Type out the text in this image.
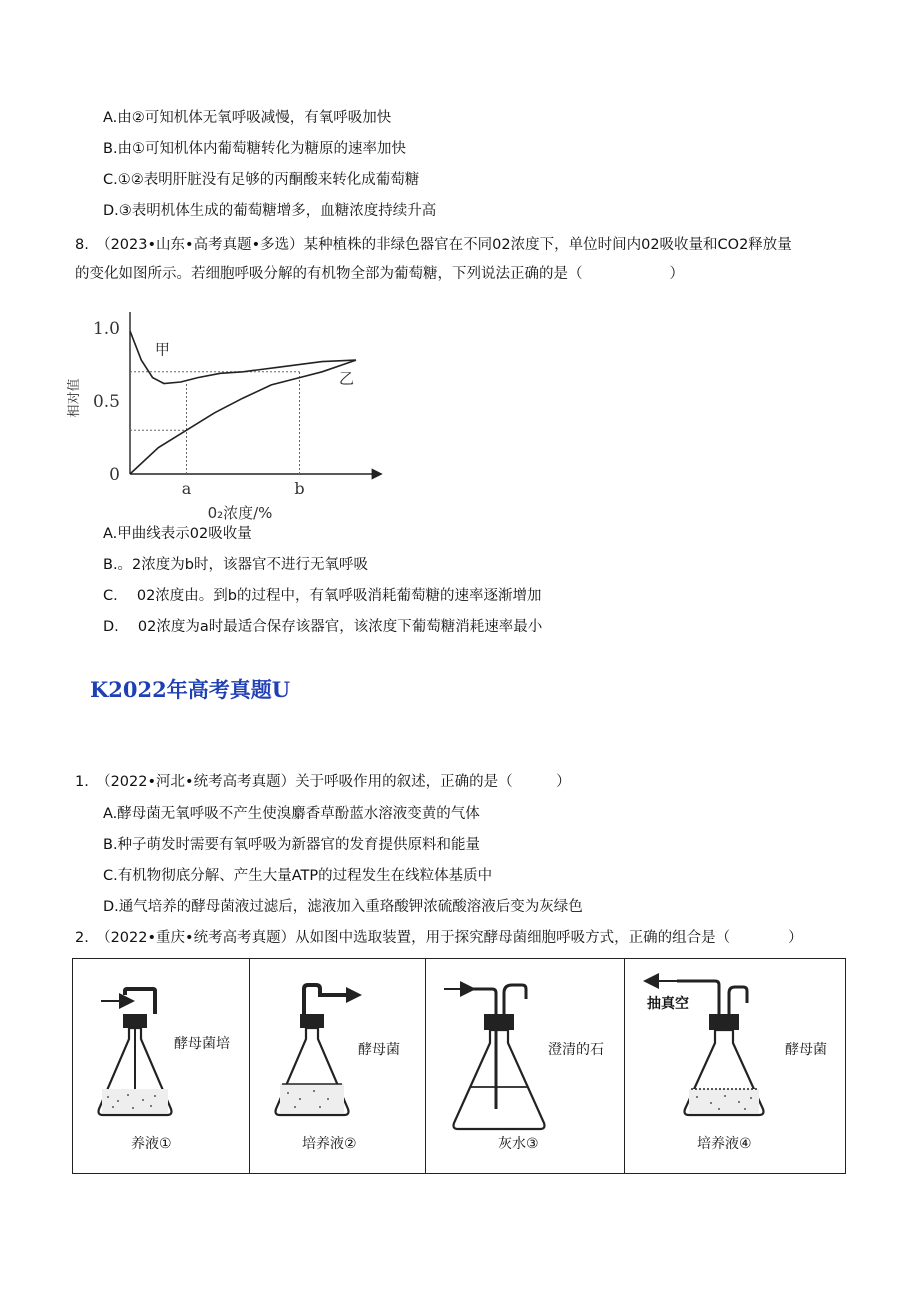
A.由②可知机体无氧呼吸减慢，有氧呼吸加快
B.由①可知机体内葡萄糖转化为糖原的速率加快
C.①②表明肝脏没有足够的丙酮酸来转化成葡萄糖
D.③表明机体生成的葡萄糖增多，血糖浓度持续升高
8.　（2023•山东•高考真题•多选）某种植株的非绿色器官在不同02浓度下，单位时间内02吸收量和CO2释放量
的变化如图所示。若细胞呼吸分解的有机物全部为葡萄糖，下列说法正确的是（　　　　　　）
1.0
0.5
0
相对值
a	b
0₂浓度/%
甲
乙
A.甲曲线表示02吸收量
B.。2浓度为b时，该器官不进行无氧呼吸
C.　 02浓度由。到b的过程中，有氧呼吸消耗葡萄糖的速率逐渐增加
D.　 02浓度为a时最适合保存该器官，该浓度下葡萄糖消耗速率最小
K2022年高考真题U
1.　（2022•河北•统考高考真题）关于呼吸作用的叙述，正确的是（　　　）
A.酵母菌无氧呼吸不产生使溴麝香草酚蓝水溶液变黄的气体
B.种子萌发时需要有氧呼吸为新器官的发育提供原料和能量
C.有机物彻底分解、产生大量ATP的过程发生在线粒体基质中
D.通气培养的酵母菌液过滤后，滤液加入重珞酸钾浓硫酸溶液后变为灰绿色
2.　（2022•重庆•统考高考真题）从如图中选取装置，用于探究酵母菌细胞呼吸方式，正确的组合是（　　　　）
酵母菌培
养液①
酵母菌
培养液②
澄清的石
灰水③
抽真空
酵母菌
培养液④
